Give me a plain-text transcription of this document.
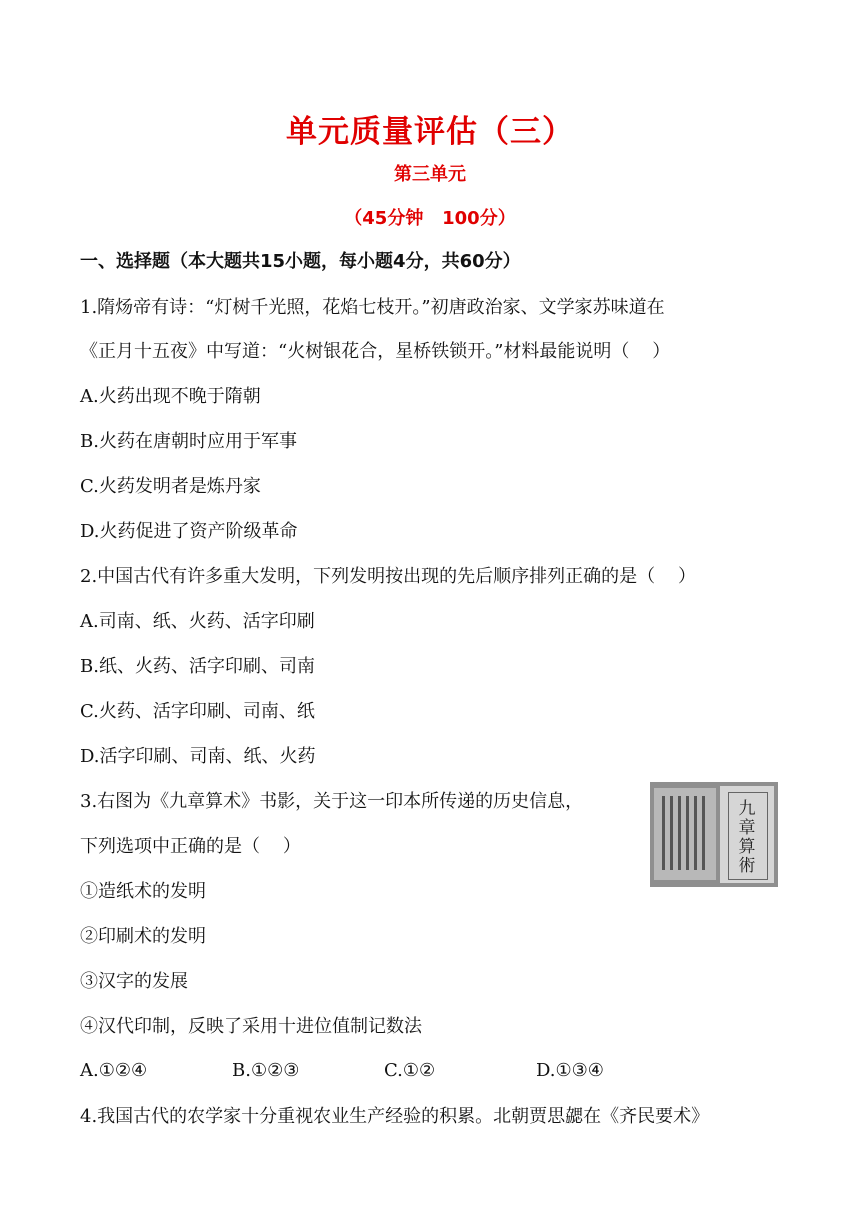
单元质量评估（三）
第三单元
（45分钟   100分）
一、选择题（本大题共15小题，每小题4分，共60分）
1.隋炀帝有诗：“灯树千光照，花焰七枝开。”初唐政治家、文学家苏味道在
《正月十五夜》中写道：“火树银花合，星桥铁锁开。”材料最能说明（    ）
A.火药出现不晚于隋朝
B.火药在唐朝时应用于军事
C.火药发明者是炼丹家
D.火药促进了资产阶级革命
2.中国古代有许多重大发明，下列发明按出现的先后顺序排列正确的是（    ）
A.司南、纸、火药、活字印刷
B.纸、火药、活字印刷、司南
C.火药、活字印刷、司南、纸
D.活字印刷、司南、纸、火药
3.右图为《九章算术》书影，关于这一印本所传递的历史信息，
下列选项中正确的是（    ）
①造纸术的发明
②印刷术的发明
③汉字的发展
④汉代印制，反映了采用十进位值制记数法
A.①②④	B.①②③	C.①②	D.①③④
九章算術
4.我国古代的农学家十分重视农业生产经验的积累。北朝贾思勰在《齐民要术》
